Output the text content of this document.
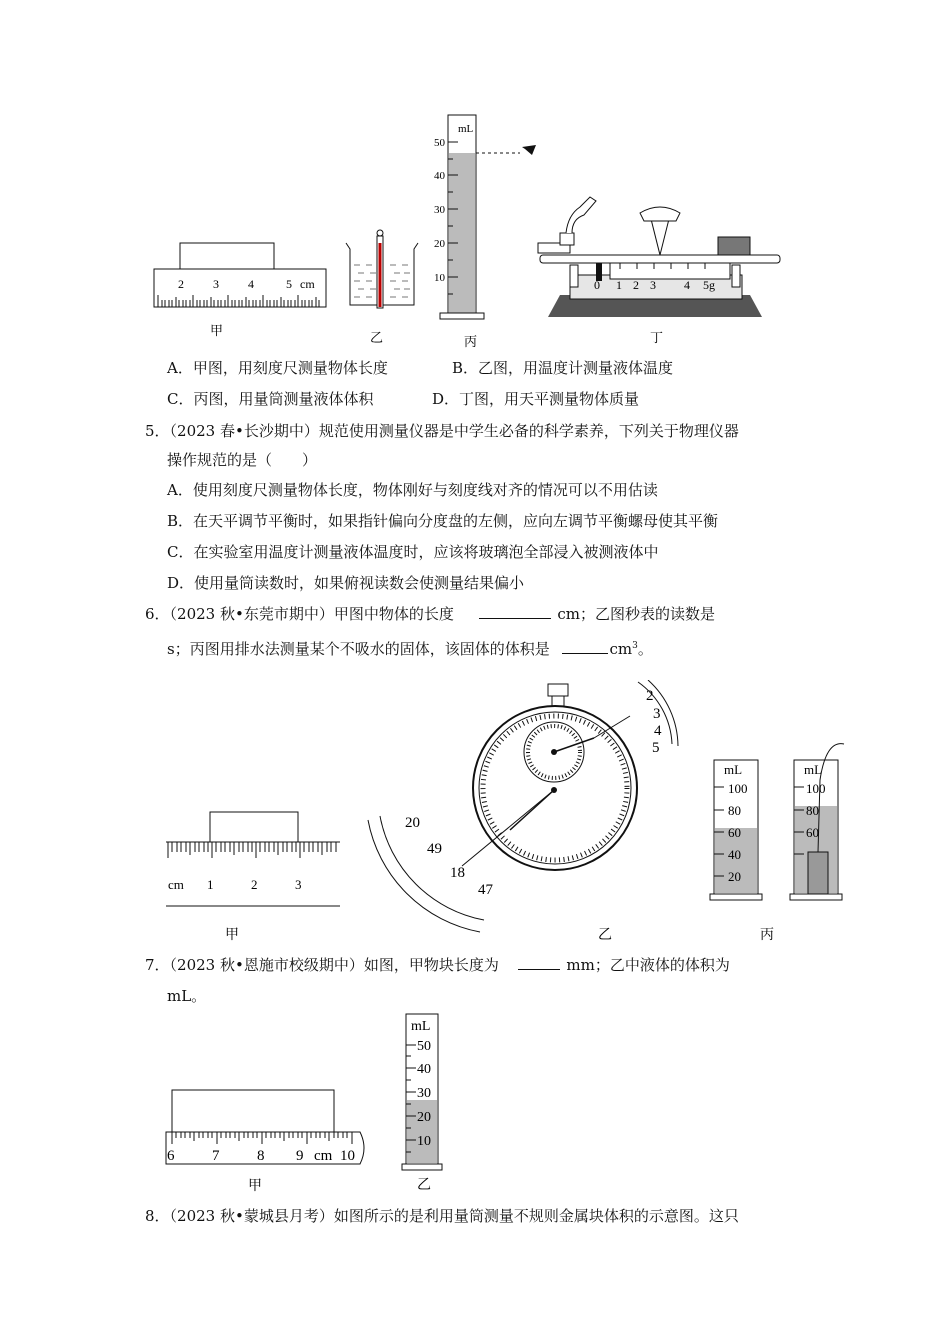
2 3 4	5 cm
甲	乙
mL
50
40
30
20
10
丙
0 1 2 3 4 5g
丁
A．甲图，用刻度尺测量物体长度	B．乙图，用温度计测量液体温度
C．丙图，用量筒测量液体体积	D．丁图，用天平测量物体质量
5．（2023 春•长沙期中）规范使用测量仪器是中学生必备的科学素养，下列关于物理仪器
操作规范的是（　　）
A．使用刻度尺测量物体长度，物体刚好与刻度线对齐的情况可以不用估读
B．在天平调节平衡时，如果指针偏向分度盘的左侧，应向左调节平衡螺母使其平衡
C．在实验室用温度计测量液体温度时，应该将玻璃泡全部浸入被测液体中
D．使用量筒读数时，如果俯视读数会使测量结果偏小
6．（2023 秋•东莞市期中）甲图中物体的长度	cm；乙图秒表的读数是
s；丙图用排水法测量某个不吸水的固体，该固体的体积是	$cm^3$。
cm 1	2	3
甲
2
3
4
5
20
49
18
47
乙
mL
100
80
60
40
20
mL
100
80
60
丙
7．（2023 秋•恩施市校级期中）如图，甲物块长度为	mm；乙中液体的体积为
mL。
6	7	8 9 cm 10
甲
mL
50
40
30
20
10
乙
8．（2023 秋•蒙城县月考）如图所示的是利用量筒测量不规则金属块体积的示意图。这只
